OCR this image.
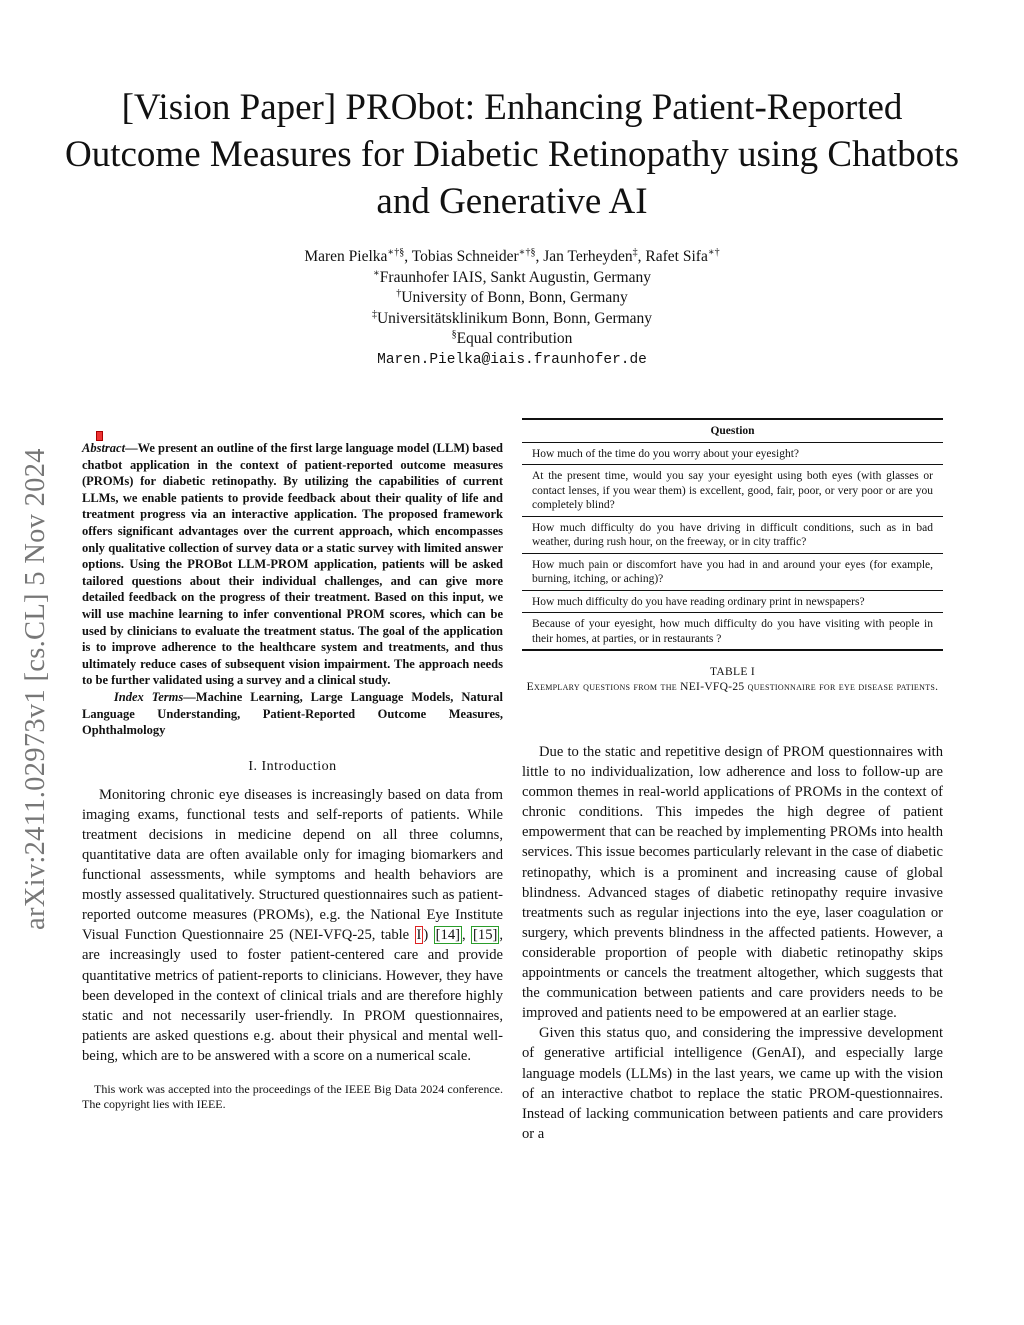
[Vision Paper] PRObot: Enhancing Patient-Reported Outcome Measures for Diabetic Retinopathy using Chatbots and Generative AI
Maren Pielka∗†§, Tobias Schneider∗†§, Jan Terheyden‡, Rafet Sifa∗†
∗Fraunhofer IAIS, Sankt Augustin, Germany
†University of Bonn, Bonn, Germany
‡Universitätsklinikum Bonn, Bonn, Germany
§Equal contribution
Maren.Pielka@iais.fraunhofer.de
arXiv:2411.02973v1 [cs.CL] 5 Nov 2024

Abstract—We present an outline of the first large language model (LLM) based chatbot application in the context of patient-reported outcome measures (PROMs) for diabetic retinopathy. By utilizing the capabilities of current LLMs, we enable patients to provide feedback about their quality of life and treatment progress via an interactive application. The proposed framework offers significant advantages over the current approach, which encompasses only qualitative collection of survey data or a static survey with limited answer options. Using the PROBot LLM-PROM application, patients will be asked tailored questions about their individual challenges, and can give more detailed feedback on the progress of their treatment. Based on this input, we will use machine learning to infer conventional PROM scores, which can be used by clinicians to evaluate the treatment status. The goal of the application is to improve adherence to the healthcare system and treatments, and thus ultimately reduce cases of subsequent vision impairment. The approach needs to be further validated using a survey and a clinical study.

Index Terms—Machine Learning, Large Language Models, Natural Language Understanding, Patient-Reported Outcome Measures, Ophthalmology

I. Introduction

Monitoring chronic eye diseases is increasingly based on data from imaging exams, functional tests and self-reports of patients. While treatment decisions in medicine depend on all three columns, quantitative data are often available only for imaging biomarkers and functional assessments, while symptoms and health behaviors are mostly assessed qualitatively. Structured questionnaires such as patient-reported outcome measures (PROMs), e.g. the National Eye Institute Visual Function Questionnaire 25 (NEI-VFQ-25, table I ) [14] , [15] , are increasingly used to foster patient-centered care and provide quantitative metrics of patient-reports to clinicians. However, they have been developed in the context of clinical trials and are therefore highly static and not necessarily user-friendly. In PROM questionnaires, patients are asked questions e.g. about their physical and mental well-being, which are to be answered with a score on a numerical scale.

This work was accepted into the proceedings of the IEEE Big Data 2024 conference. The copyright lies with IEEE.

Question
How much of the time do you worry about your eyesight?
At the present time, would you say your eyesight using both eyes (with glasses or contact lenses, if you wear them) is excellent, good, fair, poor, or very poor or are you completely blind?
How much difficulty do you have driving in difficult conditions, such as in bad weather, during rush hour, on the freeway, or in city traffic?
How much pain or discomfort have you had in and around your eyes (for example, burning, itching, or aching)?
How much difficulty do you have reading ordinary print in newspapers?
Because of your eyesight, how much difficulty do you have visiting with people in their homes, at parties, or in restaurants ?
TABLE I
Exemplary questions from the NEI-VFQ-25 questionnaire for eye disease patients.

Due to the static and repetitive design of PROM questionnaires with little to no individualization, low adherence and loss to follow-up are common themes in real-world applications of PROMs in the context of chronic conditions. This impedes the high degree of patient empowerment that can be reached by implementing PROMs into health services. This issue becomes particularly relevant in the case of diabetic retinopathy, which is a prominent and increasing cause of global blindness. Advanced stages of diabetic retinopathy require invasive treatments such as regular injections into the eye, laser coagulation or surgery, which prevents blindness in the affected patients. However, a considerable proportion of people with diabetic retinopathy skips appointments or cancels the treatment altogether, which suggests that the communication between patients and care providers needs to be improved and patients need to be empowered at an earlier stage.

Given this status quo, and considering the impressive development of generative artificial intelligence (GenAI), and especially large language models (LLMs) in the last years, we came up with the vision of an interactive chatbot to replace the static PROM-questionnaires. Instead of lacking communication between patients and care providers or a
